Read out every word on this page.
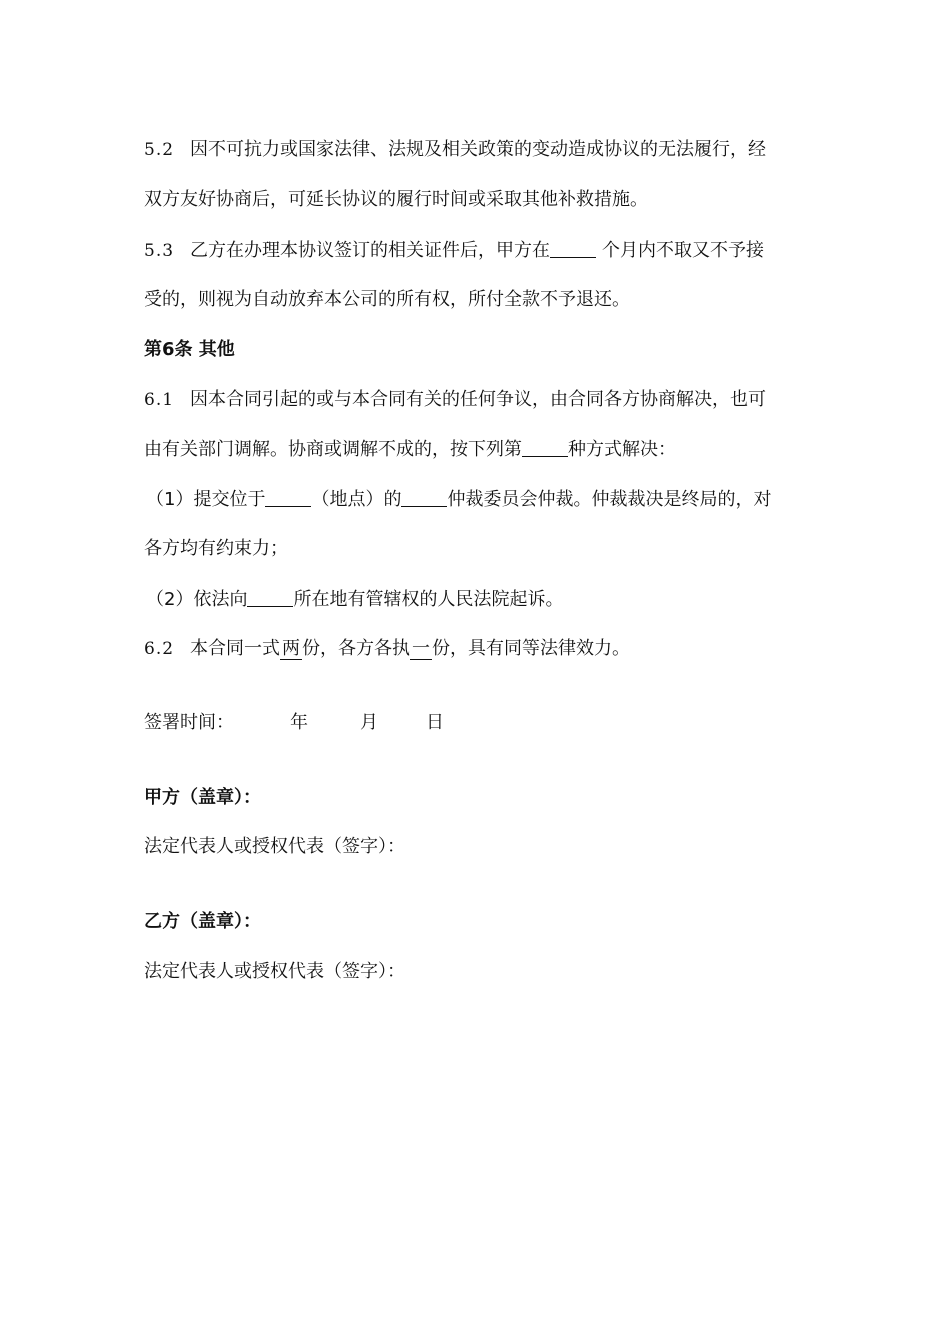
5.2 因不可抗力或国家法律、法规及相关政策的变动造成协议的无法履行，经
双方友好协商后，可延长协议的履行时间或采取其他补救措施。
5.3 乙方在办理本协议签订的相关证件后，甲方在	个月内不取又不予接
受的，则视为自动放弃本公司的所有权，所付全款不予退还。
第6条 其他
6.1 因本合同引起的或与本合同有关的任何争议，由合同各方协商解决，也可
由有关部门调解。协商或调解不成的，按下列第	种方式解决：
（1）提交位于	（地点）的	仲裁委员会仲裁。仲裁裁决是终局的，对
各方均有约束力；
（2）依法向	所在地有管辖权的人民法院起诉。
6.2 本合同一式 两 份，各方各执 一 份，具有同等法律效力。
签署时间：	年	月	日
甲方（盖章）：
法定代表人或授权代表（签字）：
乙方（盖章）：
法定代表人或授权代表（签字）：
